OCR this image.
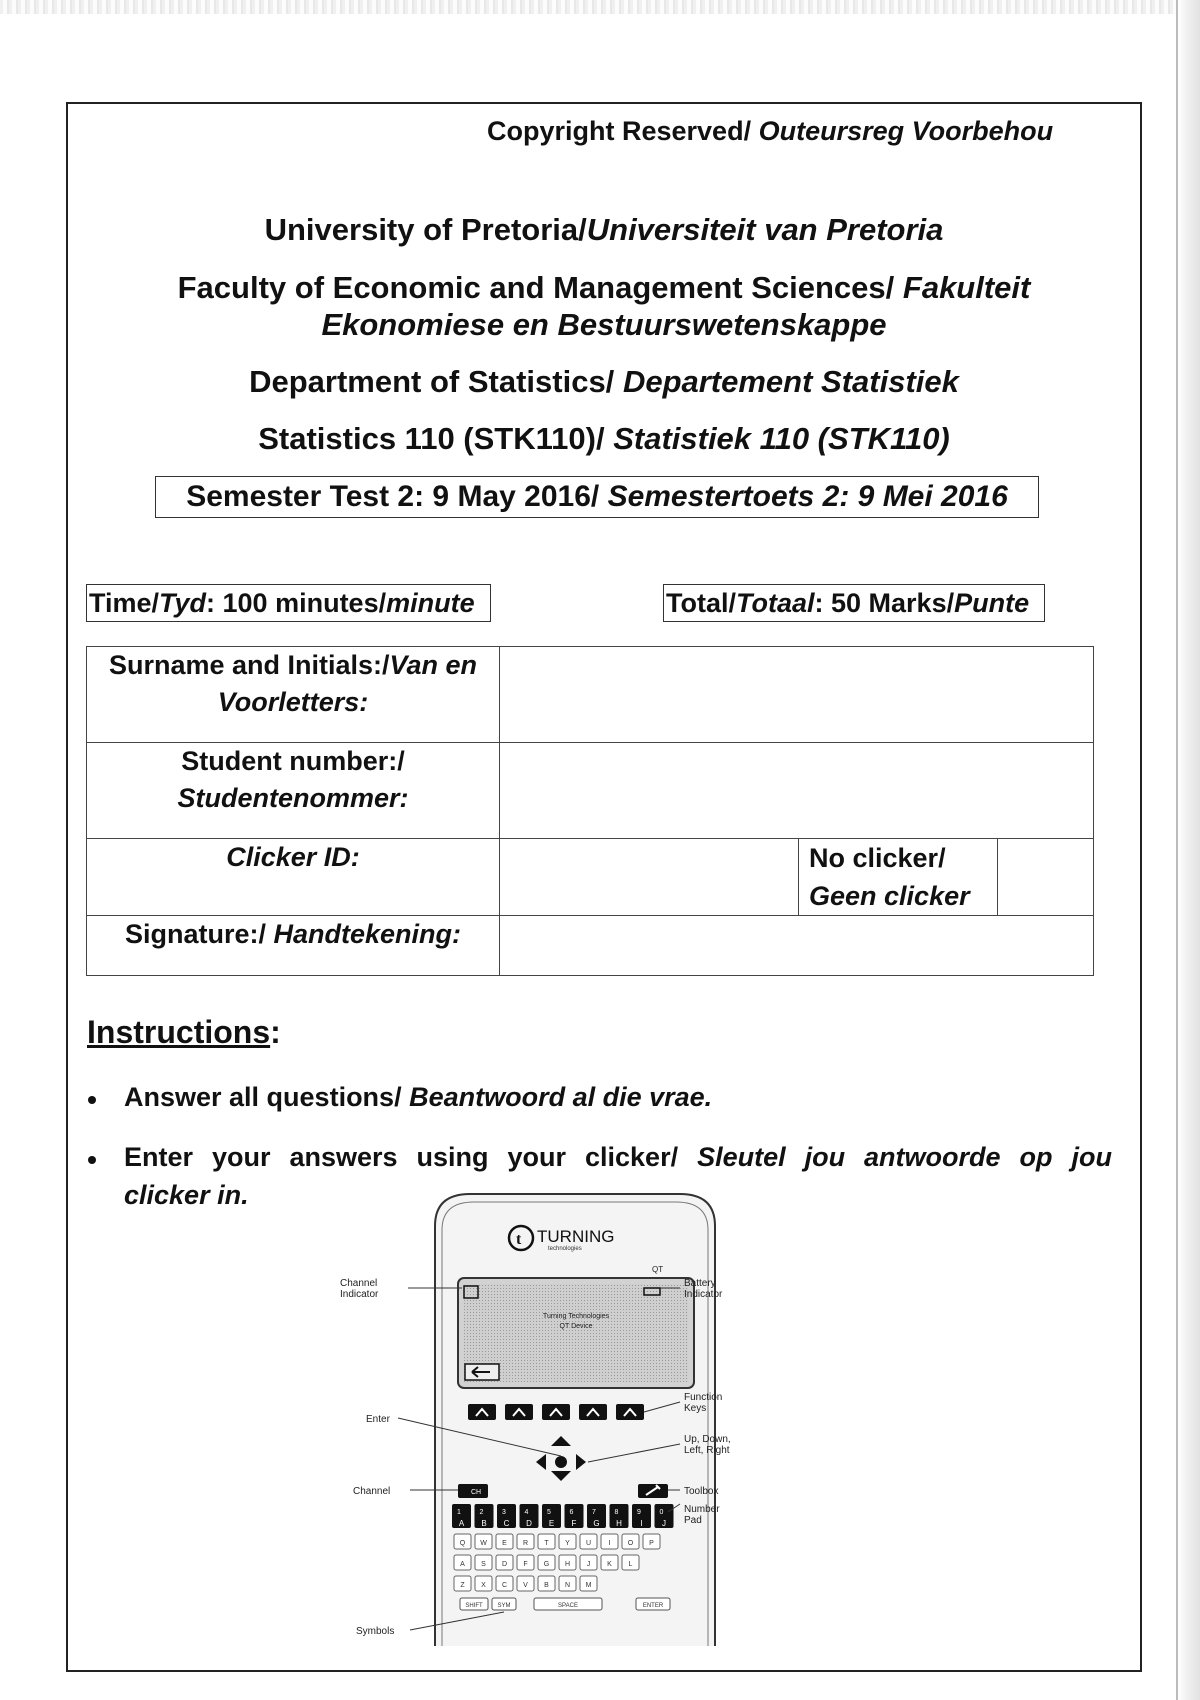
Copyright Reserved/ Outeursreg Voorbehou
University of Pretoria/Universiteit van Pretoria
Faculty of Economic and Management Sciences/ Fakulteit
Ekonomiese en Bestuurswetenskappe
Department of Statistics/ Departement Statistiek
Statistics 110 (STK110)/ Statistiek 110 (STK110)
Semester Test 2: 9 May 2016/
Semestertoets 2: 9 Mei 2016
Time/ Tyd : 100 minutes/ minute	Total/ Totaal : 50 Marks/ Punte
Surname and Initials:/Van en
Voorletters:		
Student number:/
Studentenommer:		
Clicker ID:		No clicker/
Geen clicker

Signature:/ Handtekening:		
Instructions:
Answer all questions/ Beantwoord al die vrae.
Enter your answers using your clicker/ Sleutel jou antwoorde op jou
clicker in.
t TURNING
technologies
QT
Turning Technologies
QT Device
CH
1
A
2
B
3
C
4
D
5
E
6
F
7
G
8
H
9
I
0
J
Q W E R T Y U I O P
A S D F G H J K L
Z X C V B N M
SHIFT SYM	SPACE	ENTER
Channel
Indicator
Battery
Indicator
Function
Keys
Enter
Up, Down,
Left, Right
Channel	Toolbox
Number
Pad
Symbols
